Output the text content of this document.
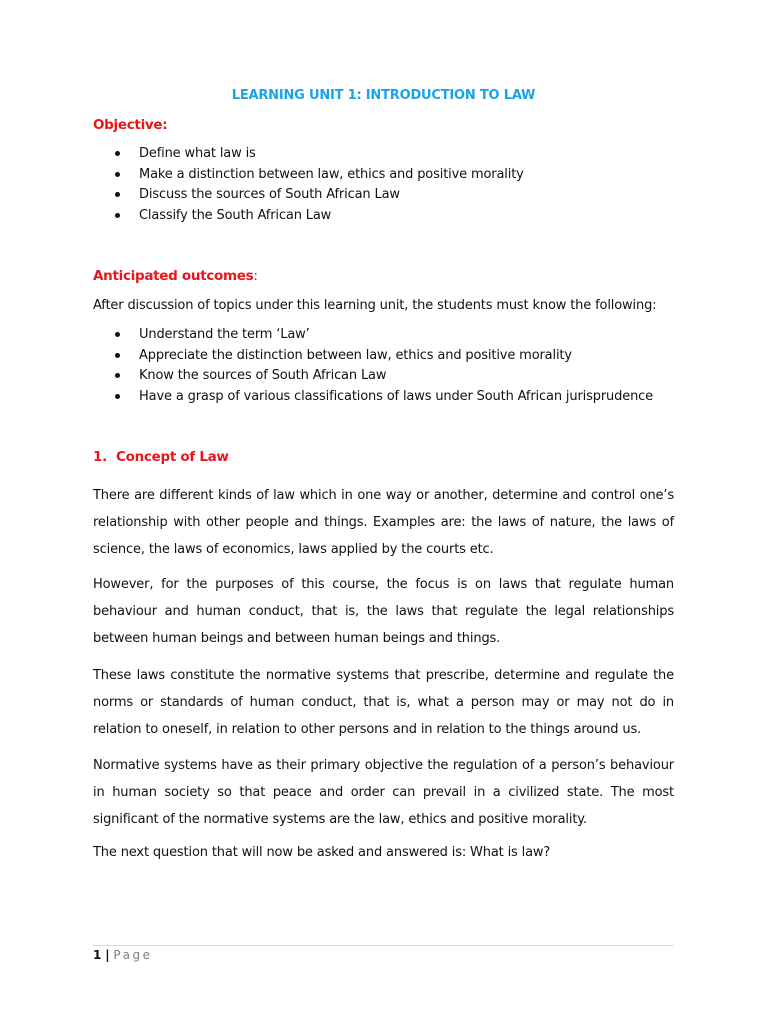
LEARNING UNIT 1: INTRODUCTION TO LAW
Objective:
Define what law is
Make a distinction between law, ethics and positive morality
Discuss the sources of South African Law
Classify the South African Law
Anticipated outcomes:
After discussion of topics under this learning unit, the students must know the following:
Understand the term ‘Law’
Appreciate the distinction between law, ethics and positive morality
Know the sources of South African Law
Have a grasp of various classifications of laws under South African jurisprudence
1. Concept of Law

There are different kinds of law which in one way or another, determine and control one’s relationship with other people and things. Examples are: the laws of nature, the laws of science, the laws of economics, laws applied by the courts etc.

However, for the purposes of this course, the focus is on laws that regulate human behaviour and human conduct, that is, the laws that regulate the legal relationships between human beings and between human beings and things.

These laws constitute the normative systems that prescribe, determine and regulate the norms or standards of human conduct, that is, what a person may or may not do in relation to oneself, in relation to other persons and in relation to the things around us.

Normative systems have as their primary objective the regulation of a person’s behaviour in human society so that peace and order can prevail in a civilized state. The most significant of the normative systems are the law, ethics and positive morality.

The next question that will now be asked and answered is: What is law?
1 | Page
